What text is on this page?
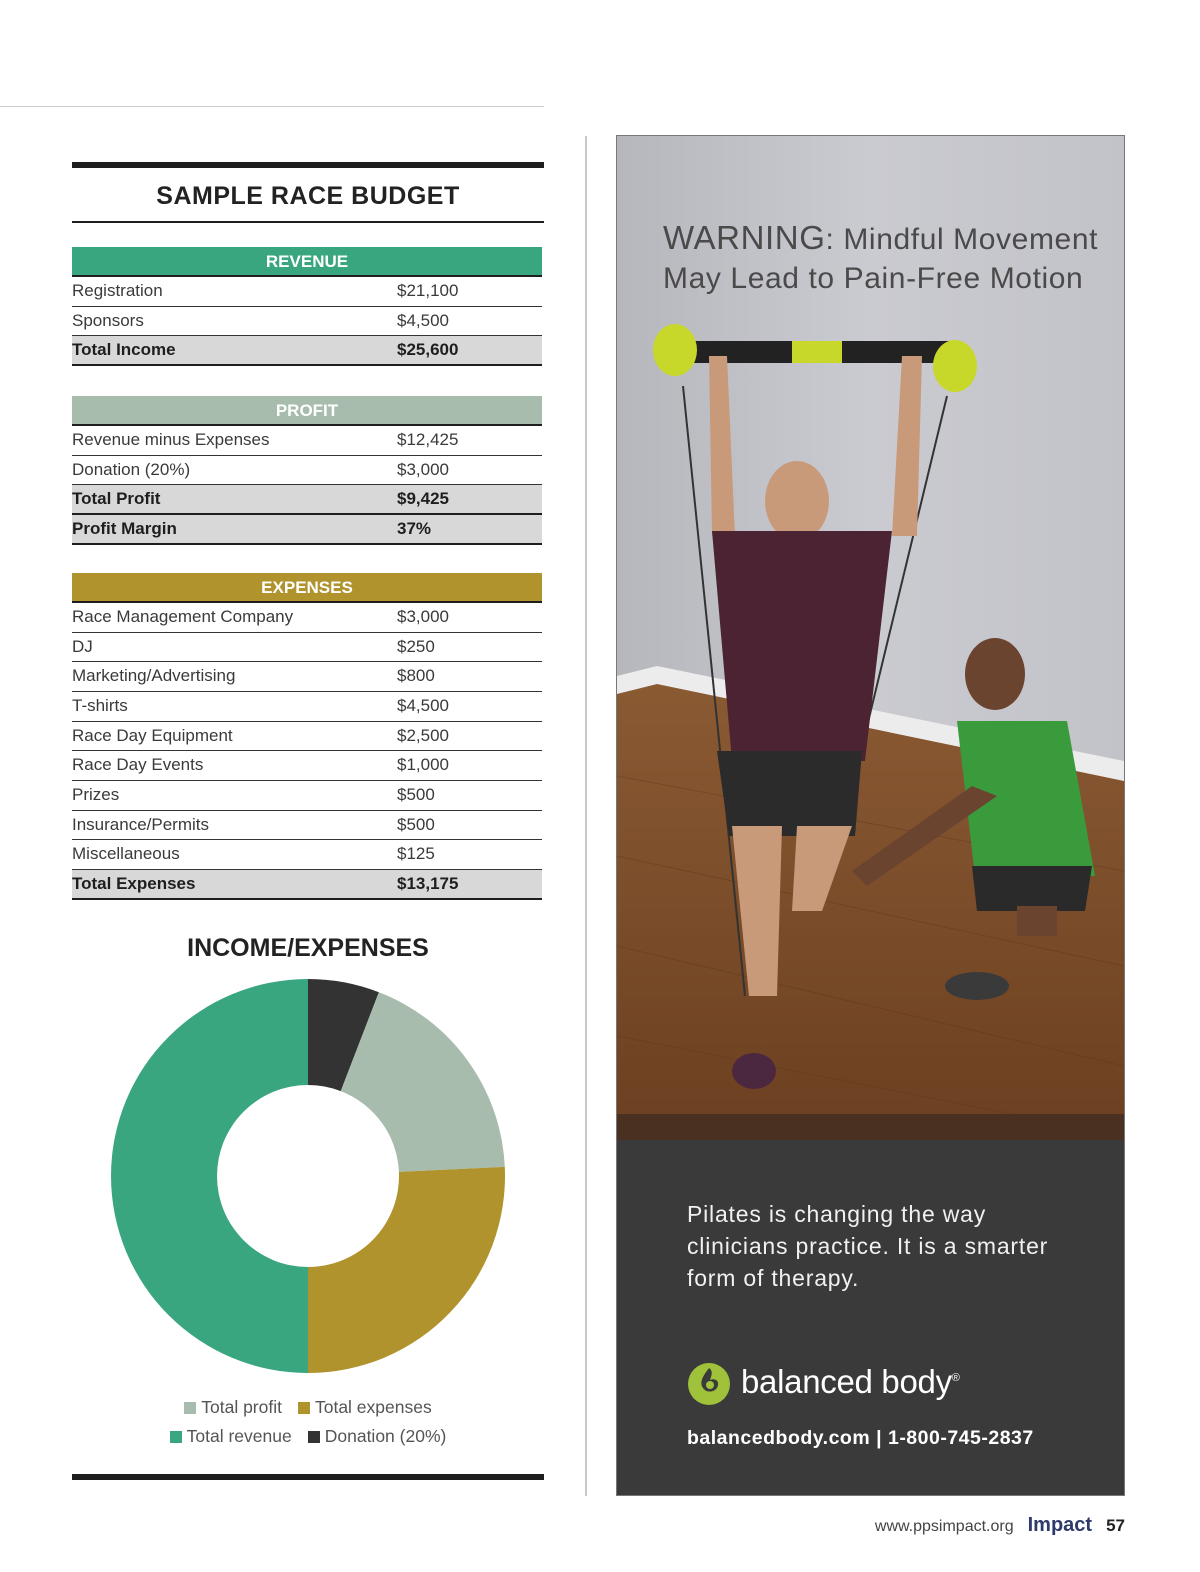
SAMPLE RACE BUDGET
REVENUE
Registration	$21,100
Sponsors	$4,500
Total Income	$25,600
PROFIT
Revenue minus Expenses	$12,425
Donation (20%)	$3,000
Total Profit	$9,425
Profit Margin	37%
EXPENSES
Race Management Company	$3,000
DJ	$250
Marketing/Advertising	$800
T-shirts	$4,500
Race Day Equipment	$2,500
Race Day Events	$1,000
Prizes	$500
Insurance/Permits	$500
Miscellaneous	$125
Total Expenses	$13,175
INCOME/EXPENSES
Total profit Total expenses
Total revenue Donation (20%)
WARNING: Mindful Movement May Lead to Pain-Free Motion
Pilates is changing the way clinicians practice. It is a smarter form of therapy.
balanced body®
balancedbody.com | 1-800-745-2837
www.ppsimpact.org Impact 57
